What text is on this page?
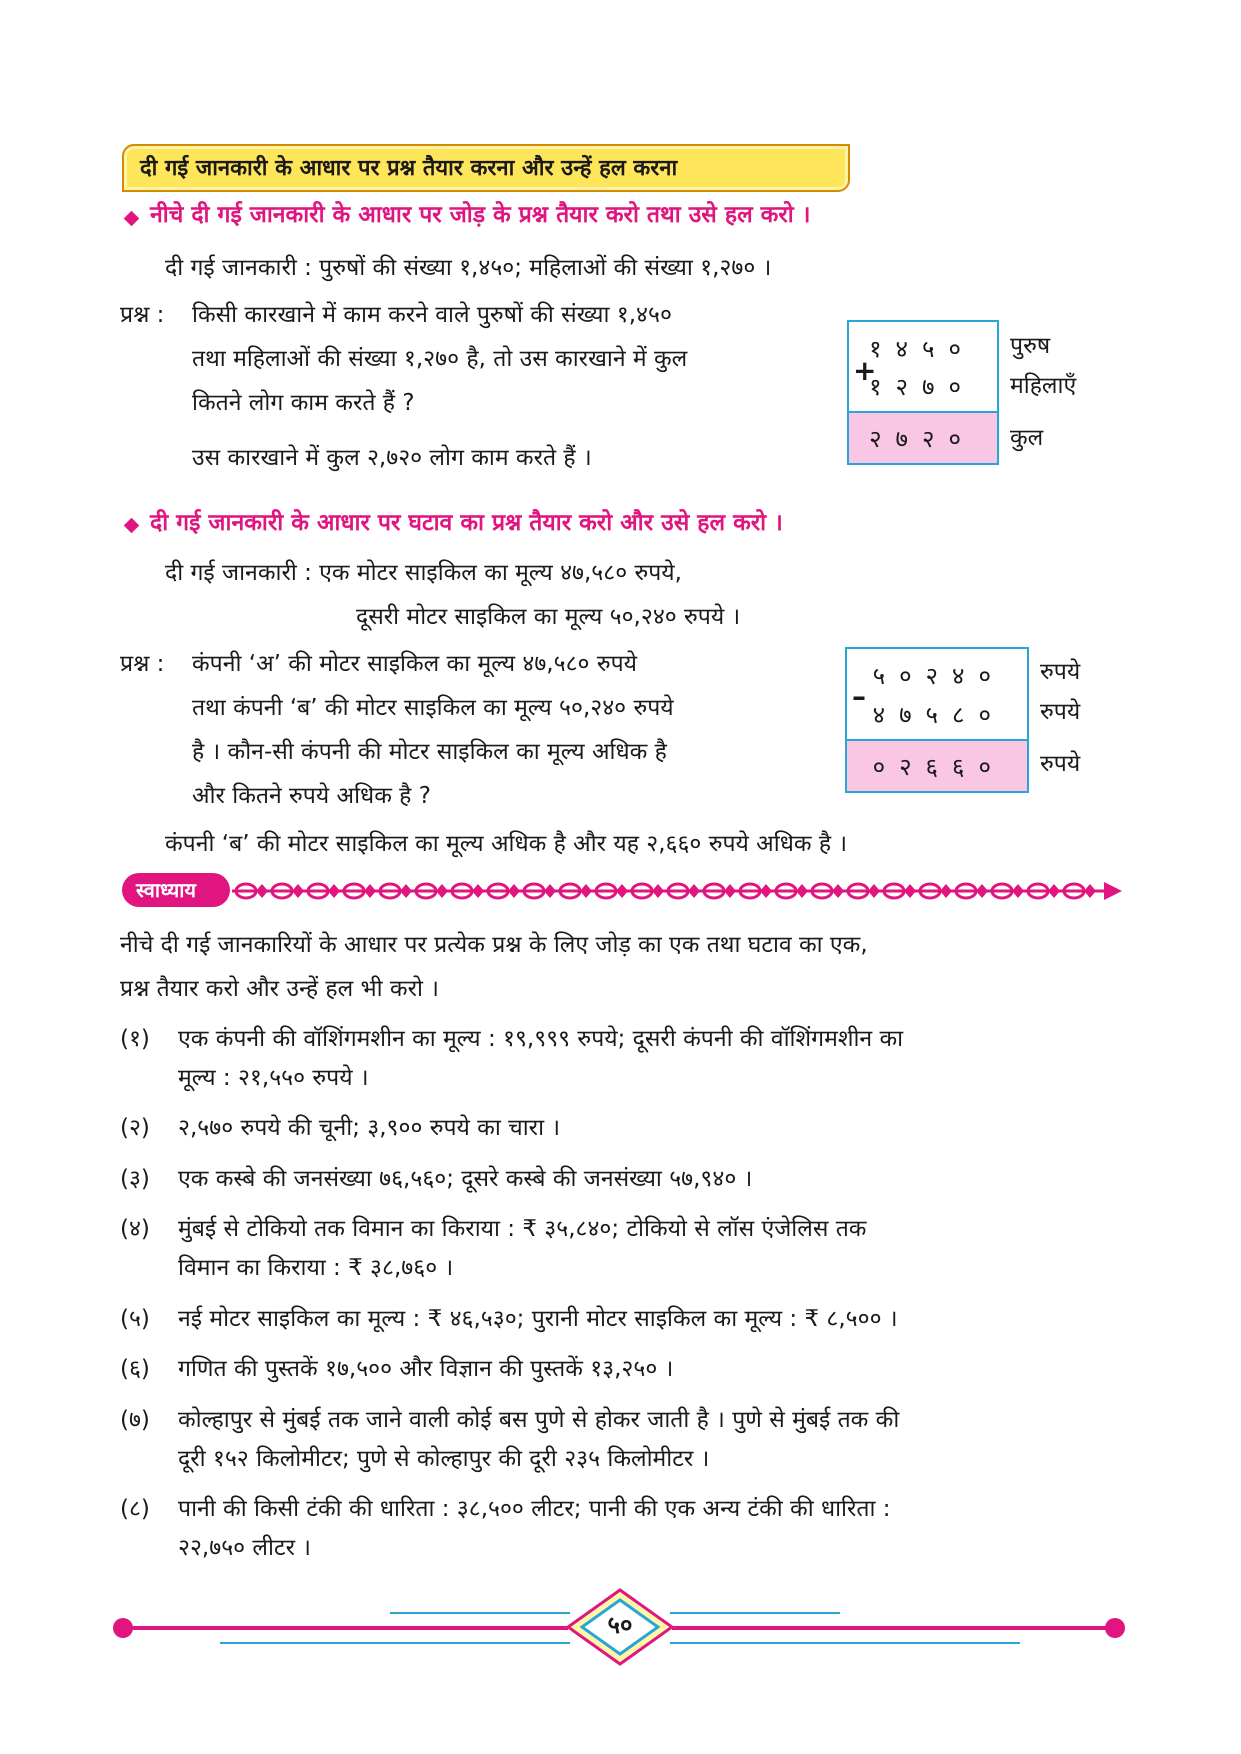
दी गई जानकारी के आधार पर प्रश्न तैयार करना और उन्हें हल करना
नीचे दी गई जानकारी के आधार पर जोड़ के प्रश्न तैयार करो तथा उसे हल करो ।
दी गई जानकारी : पुरुषों की संख्या १,४५०; महिलाओं की संख्या १,२७० ।
प्रश्न : किसी कारखाने में काम करने वाले पुरुषों की संख्या १,४५०
तथा महिलाओं की संख्या १,२७० है, तो उस कारखाने में कुल
कितने लोग काम करते हैं ?
उस कारखाने में कुल २,७२० लोग काम करते हैं ।
१४५०
१२७०
२७२०
+
पुरुष
महिलाएँ
कुल
दी गई जानकारी के आधार पर घटाव का प्रश्न तैयार करो और उसे हल करो ।
दी गई जानकारी : एक मोटर साइकिल का मूल्य ४७,५८० रुपये,
दूसरी मोटर साइकिल का मूल्य ५०,२४० रुपये ।
प्रश्न : कंपनी ‘अ’ की मोटर साइकिल का मूल्य ४७,५८० रुपये
तथा कंपनी ‘ब’ की मोटर साइकिल का मूल्य ५०,२४० रुपये
है । कौन-सी कंपनी की मोटर साइकिल का मूल्य अधिक है
और कितने रुपये अधिक है ?
कंपनी ‘ब’ की मोटर साइकिल का मूल्य अधिक है और यह २,६६० रुपये अधिक है ।
५०२४०
४७५८०
०२६६०
–
रुपये
रुपये
रुपये
स्वाध्याय
नीचे दी गई जानकारियों के आधार पर प्रत्येक प्रश्न के लिए जोड़ का एक तथा घटाव का एक,
प्रश्न तैयार करो और उन्हें हल भी करो ।
(१) एक कंपनी की वॉशिंगमशीन का मूल्य : १९,९९९ रुपये; दूसरी कंपनी की वॉशिंगमशीन का
मूल्य : २१,५५० रुपये ।
(२) २,५७० रुपये की चूनी; ३,९०० रुपये का चारा ।
(३) एक कस्बे की जनसंख्या ७६,५६०; दूसरे कस्बे की जनसंख्या ५७,९४० ।
(४) मुंबई से टोकियो तक विमान का किराया : ₹ ३५,८४०; टोकियो से लॉस एंजेलिस तक
विमान का किराया : ₹ ३८,७६० ।
(५) नई मोटर साइकिल का मूल्य : ₹ ४६,५३०; पुरानी मोटर साइकिल का मूल्य : ₹ ८,५०० ।
(६) गणित की पुस्तकें १७,५०० और विज्ञान की पुस्तकें १३,२५० ।
(७) कोल्हापुर से मुंबई तक जाने वाली कोई बस पुणे से होकर जाती है । पुणे से मुंबई तक की
दूरी १५२ किलोमीटर; पुणे से कोल्हापुर की दूरी २३५ किलोमीटर ।
(८) पानी की किसी टंकी की धारिता : ३८,५०० लीटर; पानी की एक अन्य टंकी की धारिता :
२२,७५० लीटर ।
५०
